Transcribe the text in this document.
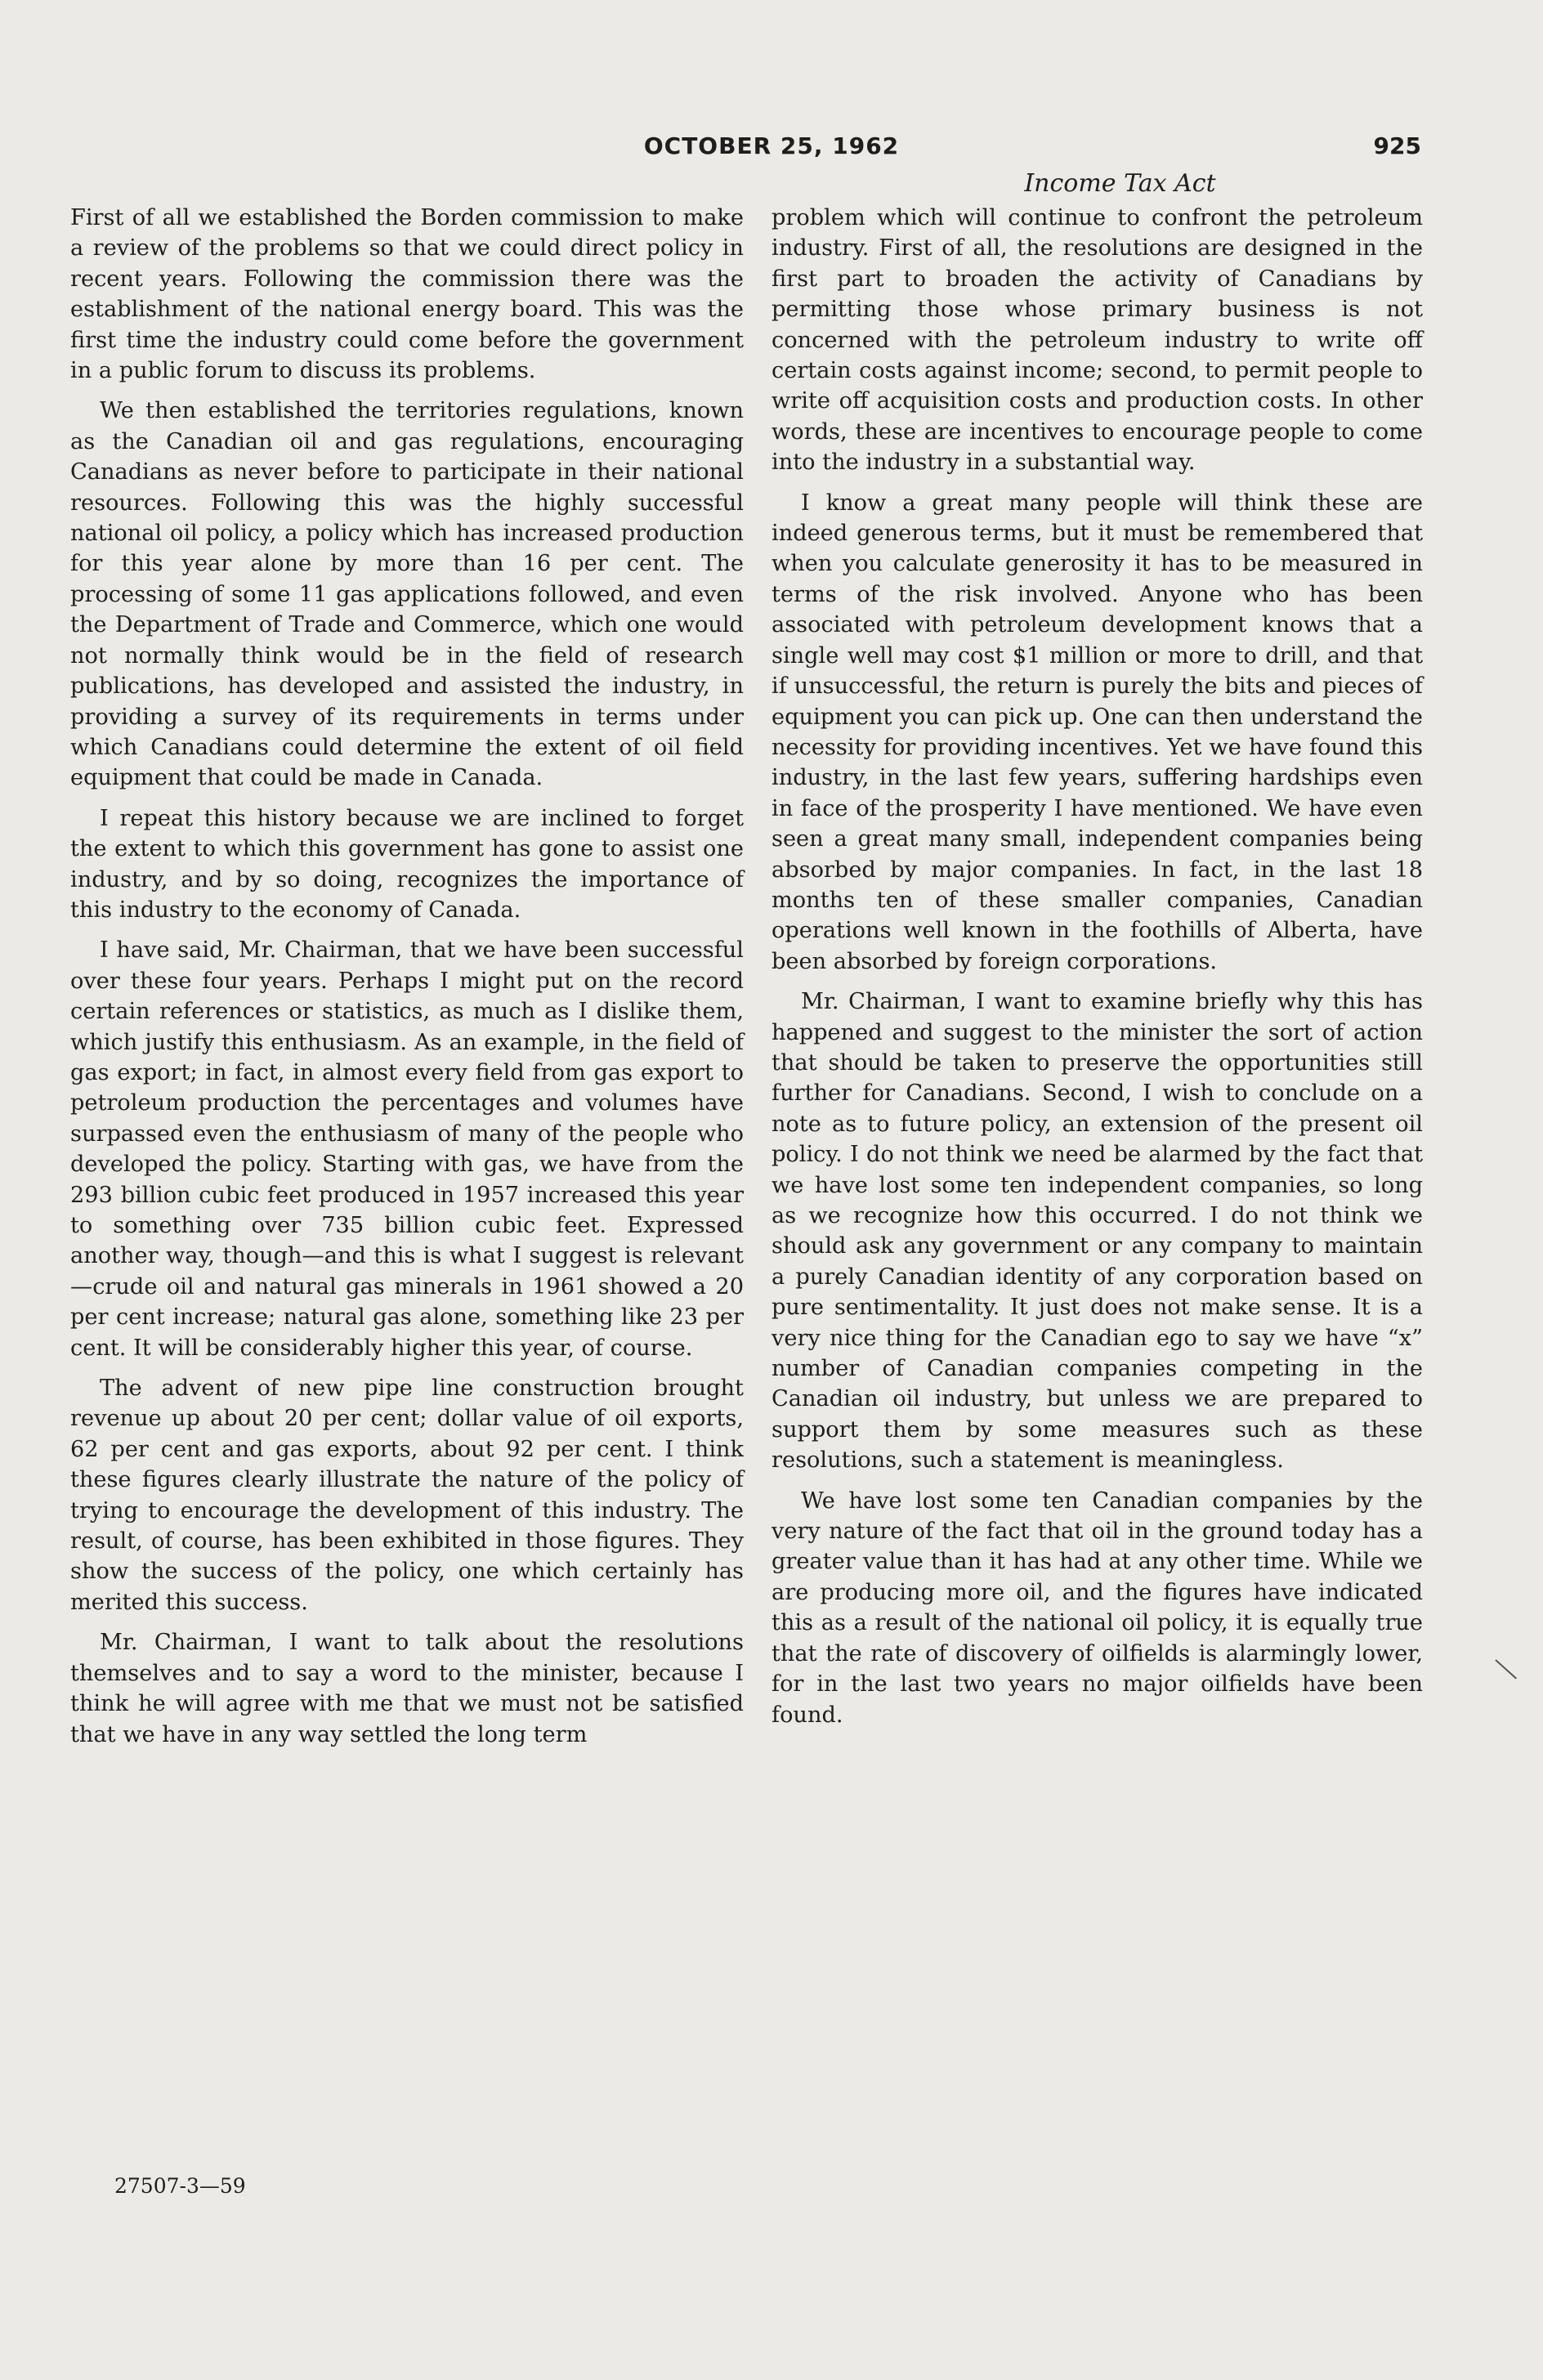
OCTOBER 25, 1962	925
Income Tax Act

First of all we established the Borden commission to make a review of the problems so that we could direct policy in recent years. Following the commission there was the establishment of the national energy board. This was the first time the industry could come before the government in a public forum to discuss its problems.

We then established the territories regulations, known as the Canadian oil and gas regulations, encouraging Canadians as never before to participate in their national resources. Following this was the highly successful national oil policy, a policy which has increased production for this year alone by more than 16 per cent. The processing of some 11 gas applications followed, and even the Department of Trade and Commerce, which one would not normally think would be in the field of research publications, has developed and assisted the industry, in providing a survey of its requirements in terms under which Canadians could determine the extent of oil field equipment that could be made in Canada.

I repeat this history because we are inclined to forget the extent to which this government has gone to assist one industry, and by so doing, recognizes the importance of this industry to the economy of Canada.

I have said, Mr. Chairman, that we have been successful over these four years. Perhaps I might put on the record certain references or statistics, as much as I dislike them, which justify this enthusiasm. As an example, in the field of gas export; in fact, in almost every field from gas export to petroleum production the percentages and volumes have surpassed even the enthusiasm of many of the people who developed the policy. Starting with gas, we have from the 293 billion cubic feet produced in 1957 increased this year to something over 735 billion cubic feet. Expressed another way, though—and this is what I suggest is relevant—crude oil and natural gas minerals in 1961 showed a 20 per cent increase; natural gas alone, something like 23 per cent. It will be considerably higher this year, of course.

The advent of new pipe line construction brought revenue up about 20 per cent; dollar value of oil exports, 62 per cent and gas exports, about 92 per cent. I think these figures clearly illustrate the nature of the policy of trying to encourage the development of this industry. The result, of course, has been exhibited in those figures. They show the success of the policy, one which certainly has merited this success.

Mr. Chairman, I want to talk about the resolutions themselves and to say a word to the minister, because I think he will agree with me that we must not be satisfied that we have in any way settled the long term

problem which will continue to confront the petroleum industry. First of all, the resolutions are designed in the first part to broaden the activity of Canadians by permitting those whose primary business is not concerned with the petroleum industry to write off certain costs against income; second, to permit people to write off acquisition costs and production costs. In other words, these are incentives to encourage people to come into the industry in a substantial way.

I know a great many people will think these are indeed generous terms, but it must be remembered that when you calculate generosity it has to be measured in terms of the risk involved. Anyone who has been associated with petroleum development knows that a single well may cost $1 million or more to drill, and that if unsuccessful, the return is purely the bits and pieces of equipment you can pick up. One can then understand the necessity for providing incentives. Yet we have found this industry, in the last few years, suffering hardships even in face of the prosperity I have mentioned. We have even seen a great many small, independent companies being absorbed by major companies. In fact, in the last 18 months ten of these smaller companies, Canadian operations well known in the foothills of Alberta, have been absorbed by foreign corporations.

Mr. Chairman, I want to examine briefly why this has happened and suggest to the minister the sort of action that should be taken to preserve the opportunities still further for Canadians. Second, I wish to conclude on a note as to future policy, an extension of the present oil policy. I do not think we need be alarmed by the fact that we have lost some ten independent companies, so long as we recognize how this occurred. I do not think we should ask any government or any company to maintain a purely Canadian identity of any corporation based on pure sentimentality. It just does not make sense. It is a very nice thing for the Canadian ego to say we have “x” number of Canadian companies competing in the Canadian oil industry, but unless we are prepared to support them by some measures such as these resolutions, such a statement is meaningless.

We have lost some ten Canadian companies by the very nature of the fact that oil in the ground today has a greater value than it has had at any other time. While we are producing more oil, and the figures have indicated this as a result of the national oil policy, it is equally true that the rate of discovery of oilfields is alarmingly lower, for in the last two years no major oilfields have been found.

27507-3—59
